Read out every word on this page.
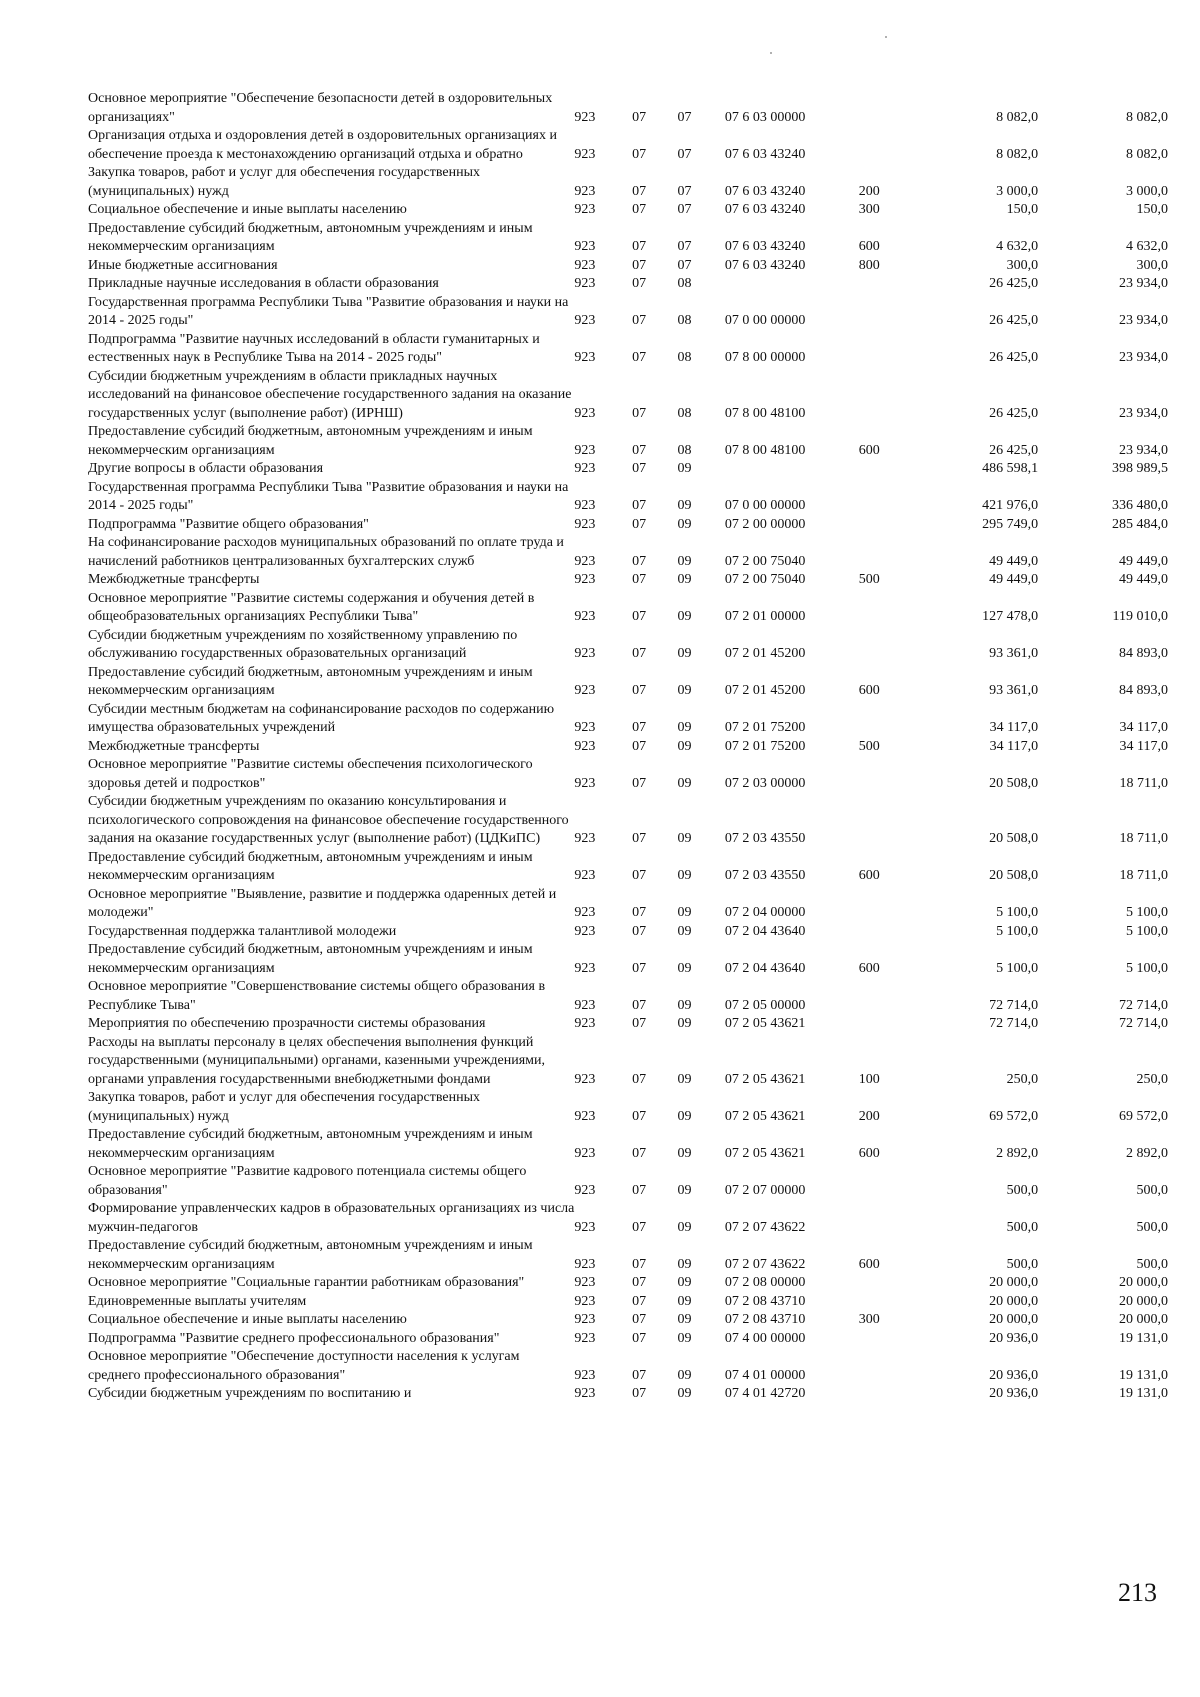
Основное мероприятие "Обеспечение безопасности детей в оздоровительных организациях"	923	07	07	07 6 03 00000		8 082,0	8 082,0
Организация отдыха и оздоровления детей в оздоровительных организациях и обеспечение проезда к местонахождению организаций отдыха и обратно	923	07	07	07 6 03 43240		8 082,0	8 082,0
Закупка товаров, работ и услуг для обеспечения государственных (муниципальных) нужд	923	07	07	07 6 03 43240	200	3 000,0	3 000,0
Социальное обеспечение и иные выплаты населению	923	07	07	07 6 03 43240	300	150,0	150,0
Предоставление субсидий бюджетным, автономным учреждениям и иным некоммерческим организациям	923	07	07	07 6 03 43240	600	4 632,0	4 632,0
Иные бюджетные ассигнования	923	07	07	07 6 03 43240	800	300,0	300,0
Прикладные научные исследования в области образования	923	07	08			26 425,0	23 934,0
Государственная программа Республики Тыва "Развитие образования и науки на 2014 - 2025 годы"	923	07	08	07 0 00 00000		26 425,0	23 934,0
Подпрограмма "Развитие научных исследований в области гуманитарных и естественных наук в Республике Тыва на 2014 - 2025 годы"	923	07	08	07 8 00 00000		26 425,0	23 934,0
Субсидии бюджетным учреждениям в области прикладных научных исследований на финансовое обеспечение государственного задания на оказание государственных услуг (выполнение работ) (ИРНШ)	923	07	08	07 8 00 48100		26 425,0	23 934,0
Предоставление субсидий бюджетным, автономным учреждениям и иным некоммерческим организациям	923	07	08	07 8 00 48100	600	26 425,0	23 934,0
Другие вопросы в области образования	923	07	09			486 598,1	398 989,5
Государственная программа Республики Тыва "Развитие образования и науки на 2014 - 2025 годы"	923	07	09	07 0 00 00000		421 976,0	336 480,0
Подпрограмма "Развитие общего образования"	923	07	09	07 2 00 00000		295 749,0	285 484,0
На софинансирование расходов муниципальных образований по оплате труда и начислений работников централизованных бухгалтерских служб	923	07	09	07 2 00 75040		49 449,0	49 449,0
Межбюджетные трансферты	923	07	09	07 2 00 75040	500	49 449,0	49 449,0
Основное мероприятие "Развитие системы содержания и обучения детей в общеобразовательных организациях Республики Тыва"	923	07	09	07 2 01 00000		127 478,0	119 010,0
Субсидии бюджетным учреждениям по хозяйственному управлению по обслуживанию государственных образовательных организаций	923	07	09	07 2 01 45200		93 361,0	84 893,0
Предоставление субсидий бюджетным, автономным учреждениям и иным некоммерческим организациям	923	07	09	07 2 01 45200	600	93 361,0	84 893,0
Субсидии местным бюджетам на софинансирование расходов по содержанию имущества образовательных учреждений	923	07	09	07 2 01 75200		34 117,0	34 117,0
Межбюджетные трансферты	923	07	09	07 2 01 75200	500	34 117,0	34 117,0
Основное мероприятие "Развитие системы обеспечения психологического здоровья детей и подростков"	923	07	09	07 2 03 00000		20 508,0	18 711,0
Субсидии бюджетным учреждениям по оказанию консультирования и психологического сопровождения на финансовое обеспечение государственного задания на оказание государственных услуг (выполнение работ) (ЦДКиПС)	923	07	09	07 2 03 43550		20 508,0	18 711,0
Предоставление субсидий бюджетным, автономным учреждениям и иным некоммерческим организациям	923	07	09	07 2 03 43550	600	20 508,0	18 711,0
Основное мероприятие "Выявление, развитие и поддержка одаренных детей и молодежи"	923	07	09	07 2 04 00000		5 100,0	5 100,0
Государственная поддержка талантливой молодежи	923	07	09	07 2 04 43640		5 100,0	5 100,0
Предоставление субсидий бюджетным, автономным учреждениям и иным некоммерческим организациям	923	07	09	07 2 04 43640	600	5 100,0	5 100,0
Основное мероприятие "Совершенствование системы общего образования в Республике Тыва"	923	07	09	07 2 05 00000		72 714,0	72 714,0
Мероприятия по обеспечению прозрачности системы образования	923	07	09	07 2 05 43621		72 714,0	72 714,0
Расходы на выплаты персоналу в целях обеспечения выполнения функций государственными (муниципальными) органами, казенными учреждениями, органами управления государственными внебюджетными фондами	923	07	09	07 2 05 43621	100	250,0	250,0
Закупка товаров, работ и услуг для обеспечения государственных (муниципальных) нужд	923	07	09	07 2 05 43621	200	69 572,0	69 572,0
Предоставление субсидий бюджетным, автономным учреждениям и иным некоммерческим организациям	923	07	09	07 2 05 43621	600	2 892,0	2 892,0
Основное мероприятие "Развитие кадрового потенциала системы общего образования"	923	07	09	07 2 07 00000		500,0	500,0
Формирование управленческих кадров в образовательных организациях из числа мужчин-педагогов	923	07	09	07 2 07 43622		500,0	500,0
Предоставление субсидий бюджетным, автономным учреждениям и иным некоммерческим организациям	923	07	09	07 2 07 43622	600	500,0	500,0
Основное мероприятие "Социальные гарантии работникам образования"	923	07	09	07 2 08 00000		20 000,0	20 000,0
Единовременные выплаты учителям	923	07	09	07 2 08 43710		20 000,0	20 000,0
Социальное обеспечение и иные выплаты населению	923	07	09	07 2 08 43710	300	20 000,0	20 000,0
Подпрограмма "Развитие среднего профессионального образования"	923	07	09	07 4 00 00000		20 936,0	19 131,0
Основное мероприятие "Обеспечение доступности населения к услугам среднего профессионального образования"	923	07	09	07 4 01 00000		20 936,0	19 131,0
Субсидии бюджетным учреждениям по воспитанию и	923	07	09	07 4 01 42720		20 936,0	19 131,0
213
